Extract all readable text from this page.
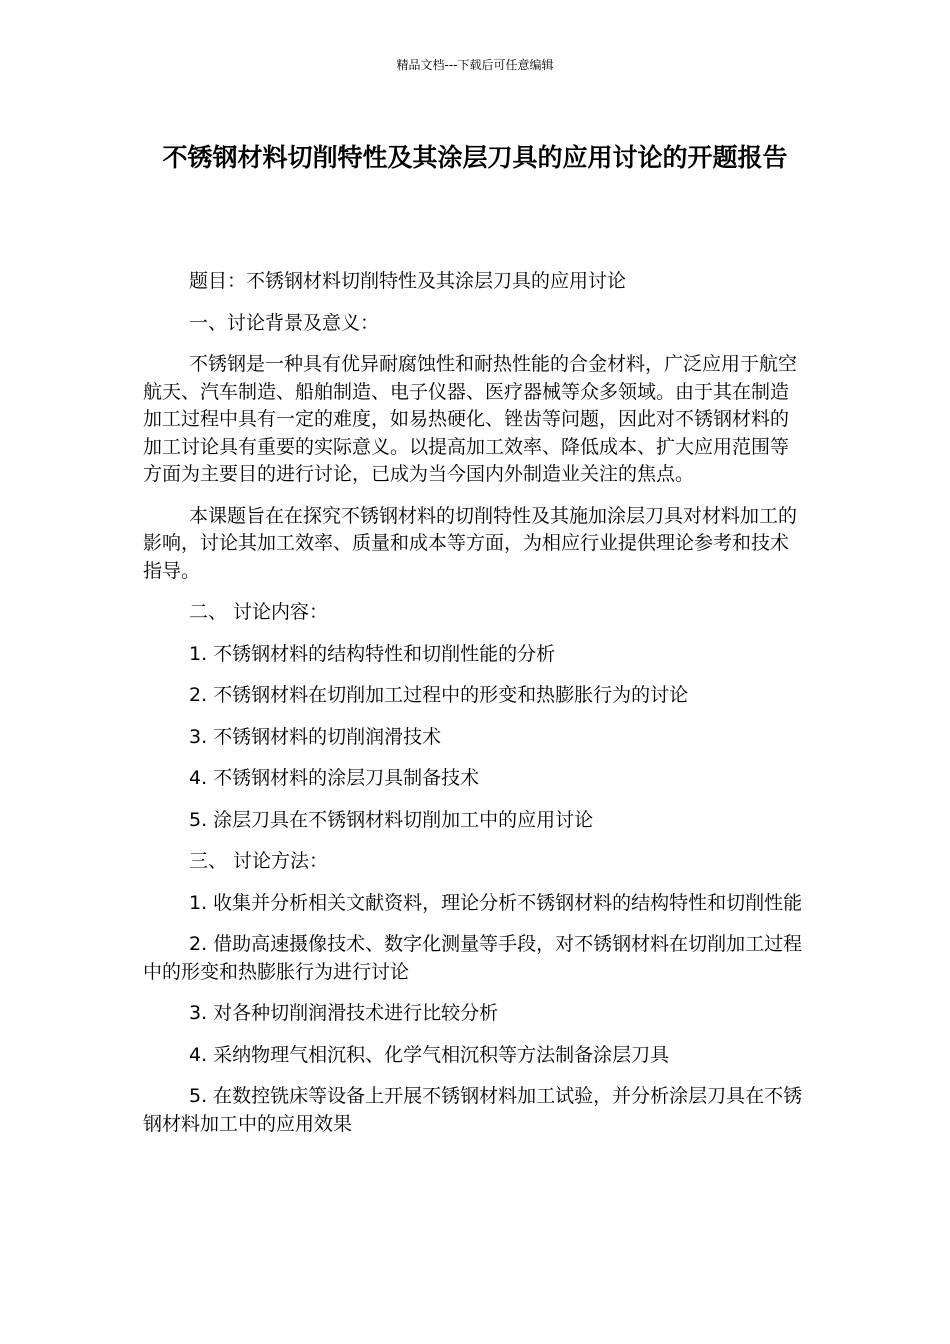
精品文档---下载后可任意编辑
不锈钢材料切削特性及其涂层刀具的应用讨论的开题报告

题目：不锈钢材料切削特性及其涂层刀具的应用讨论

一、讨论背景及意义：

不锈钢是一种具有优异耐腐蚀性和耐热性能的合金材料，广泛应用于航空航天、汽车制造、船舶制造、电子仪器、医疗器械等众多领域。由于其在制造加工过程中具有一定的难度，如易热硬化、锉齿等问题，因此对不锈钢材料的加工讨论具有重要的实际意义。以提高加工效率、降低成本、扩大应用范围等方面为主要目的进行讨论，已成为当今国内外制造业关注的焦点。

本课题旨在在探究不锈钢材料的切削特性及其施加涂层刀具对材料加工的影响，讨论其加工效率、质量和成本等方面，为相应行业提供理论参考和技术指导。

二、 讨论内容：

1. 不锈钢材料的结构特性和切削性能的分析

2. 不锈钢材料在切削加工过程中的形变和热膨胀行为的讨论

3. 不锈钢材料的切削润滑技术

4. 不锈钢材料的涂层刀具制备技术

5. 涂层刀具在不锈钢材料切削加工中的应用讨论

三、 讨论方法：

1. 收集并分析相关文献资料，理论分析不锈钢材料的结构特性和切削性能

2. 借助高速摄像技术、数字化测量等手段，对不锈钢材料在切削加工过程中的形变和热膨胀行为进行讨论

3. 对各种切削润滑技术进行比较分析

4. 采纳物理气相沉积、化学气相沉积等方法制备涂层刀具

5. 在数控铣床等设备上开展不锈钢材料加工试验，并分析涂层刀具在不锈钢材料加工中的应用效果
